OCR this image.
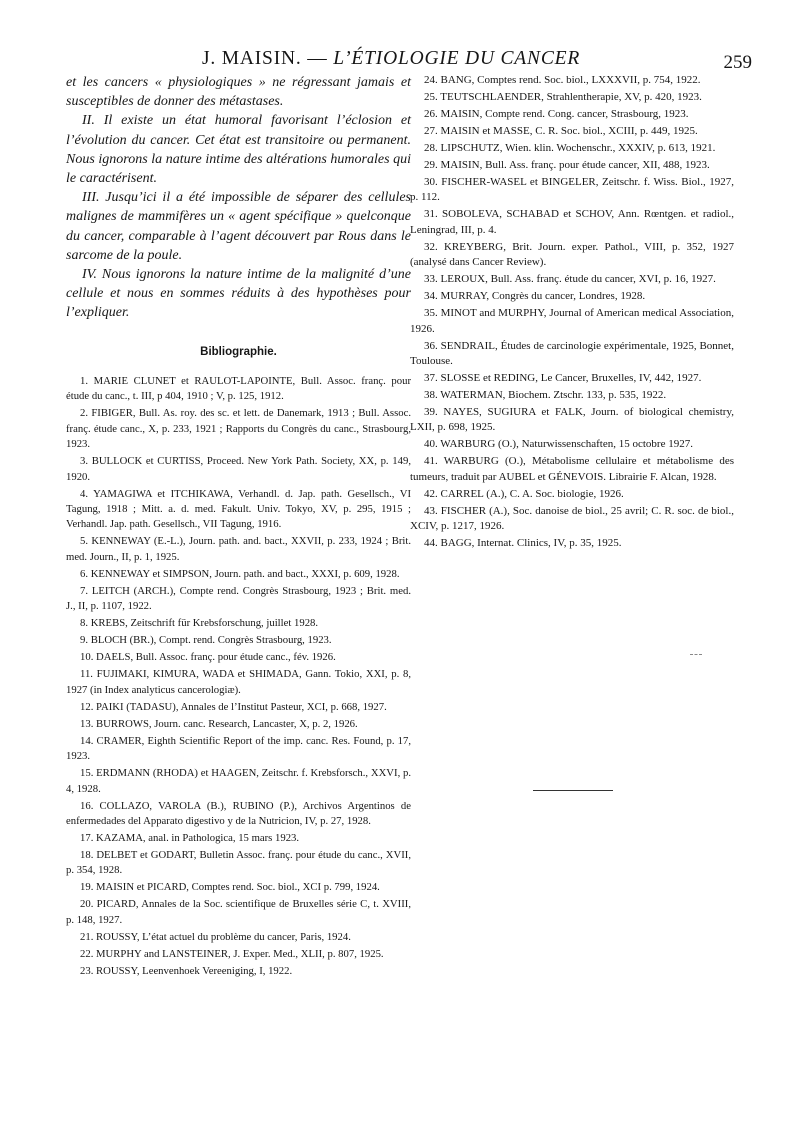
J. MAISIN. — L’ÉTIOLOGIE DU CANCER	259

et les cancers « physiologiques » ne régressant jamais et susceptibles de donner des métastases.

II. Il existe un état humoral favorisant l’éclosion et l’évolution du cancer. Cet état est transitoire ou permanent. Nous ignorons la nature intime des altérations humorales qui le caractérisent.

III. Jusqu’ici il a été impossible de séparer des cellules malignes de mammifères un « agent spécifique » quelconque du cancer, comparable à l’agent découvert par Rous dans le sarcome de la poule.

IV. Nous ignorons la nature intime de la malignité d’une cellule et nous en sommes réduits à des hypothèses pour l’expliquer.

Bibliographie.

1. MARIE CLUNET et RAULOT-LAPOINTE, Bull. Assoc. franç. pour étude du canc., t. III, p 404, 1910 ; V, p. 125, 1912.

2. FIBIGER, Bull. As. roy. des sc. et lett. de Danemark, 1913 ; Bull. Assoc. franç. étude canc., X, p. 233, 1921 ; Rapports du Congrès du canc., Strasbourg, 1923.

3. BULLOCK et CURTISS, Proceed. New York Path. Society, XX, p. 149, 1920.

4. YAMAGIWA et ITCHIKAWA, Verhandl. d. Jap. path. Gesellsch., VI Tagung, 1918 ; Mitt. a. d. med. Fakult. Univ. Tokyo, XV, p. 295, 1915 ; Verhandl. Jap. path. Gesellsch., VII Tagung, 1916.

5. KENNEWAY (E.-L.), Journ. path. and. bact., XXVII, p. 233, 1924 ; Brit. med. Journ., II, p. 1, 1925.

6. KENNEWAY et SIMPSON, Journ. path. and bact., XXXI, p. 609, 1928.

7. LEITCH (ARCH.), Compte rend. Congrès Strasbourg, 1923 ; Brit. med. J., II, p. 1107, 1922.

8. KREBS, Zeitschrift für Krebsforschung, juillet 1928.

9. BLOCH (BR.), Compt. rend. Congrès Strasbourg, 1923.

10. DAELS, Bull. Assoc. franç. pour étude canc., fév. 1926.

11. FUJIMAKI, KIMURA, WADA et SHIMADA, Gann. Tokio, XXI, p. 8, 1927 (in Index analyticus cancerologiæ).

12. PAIKI (TADASU), Annales de l’Institut Pasteur, XCI, p. 668, 1927.

13. BURROWS, Journ. canc. Research, Lancaster, X, p. 2, 1926.

14. CRAMER, Eighth Scientific Report of the imp. canc. Res. Found, p. 17, 1923.

15. ERDMANN (RHODA) et HAAGEN, Zeitschr. f. Krebsforsch., XXVI, p. 4, 1928.

16. COLLAZO, VAROLA (B.), RUBINO (P.), Archivos Argentinos de enfermedades del Apparato digestivo y de la Nutricion, IV, p. 27, 1928.

17. KAZAMA, anal. in Pathologica, 15 mars 1923.

18. DELBET et GODART, Bulletin Assoc. franç. pour étude du canc., XVII, p. 354, 1928.

19. MAISIN et PICARD, Comptes rend. Soc. biol., XCI p. 799, 1924.

20. PICARD, Annales de la Soc. scientifique de Bruxelles série C, t. XVIII, p. 148, 1927.

21. ROUSSY, L’état actuel du problème du cancer, Paris, 1924.

22. MURPHY and LANSTEINER, J. Exper. Med., XLII, p. 807, 1925.

23. ROUSSY, Leenvenhoek Vereeniging, I, 1922.

24. BANG, Comptes rend. Soc. biol., LXXXVII, p. 754, 1922.

25. TEUTSCHLAENDER, Strahlentherapie, XV, p. 420, 1923.

26. MAISIN, Compte rend. Cong. cancer, Strasbourg, 1923.

27. MAISIN et MASSE, C. R. Soc. biol., XCIII, p. 449, 1925.

28. LIPSCHUTZ, Wien. klin. Wochenschr., XXXIV, p. 613, 1921.

29. MAISIN, Bull. Ass. franç. pour étude cancer, XII, 488, 1923.

30. FISCHER-WASEL et BINGELER, Zeitschr. f. Wiss. Biol., 1927, p. 112.

31. SOBOLEVA, SCHABAD et SCHOV, Ann. Rœntgen. et radiol., Leningrad, III, p. 4.

32. KREYBERG, Brit. Journ. exper. Pathol., VIII, p. 352, 1927 (analysé dans Cancer Review).

33. LEROUX, Bull. Ass. franç. étude du cancer, XVI, p. 16, 1927.

34. MURRAY, Congrès du cancer, Londres, 1928.

35. MINOT and MURPHY, Journal of American medical Association, 1926.

36. SENDRAIL, Études de carcinologie expérimentale, 1925, Bonnet, Toulouse.

37. SLOSSE et REDING, Le Cancer, Bruxelles, IV, 442, 1927.

38. WATERMAN, Biochem. Ztschr. 133, p. 535, 1922.

39. NAYES, SUGIURA et FALK, Journ. of biological chemistry, LXII, p. 698, 1925.

40. WARBURG (O.), Naturwissenschaften, 15 octobre 1927.

41. WARBURG (O.), Métabolisme cellulaire et métabolisme des tumeurs, traduit par AUBEL et GÉNEVOIS. Librairie F. Alcan, 1928.

42. CARREL (A.), C. A. Soc. biologie, 1926.

43. FISCHER (A.), Soc. danoise de biol., 25 avril; C. R. soc. de biol., XCIV, p. 1217, 1926.

44. BAGG, Internat. Clinics, IV, p. 35, 1925.
